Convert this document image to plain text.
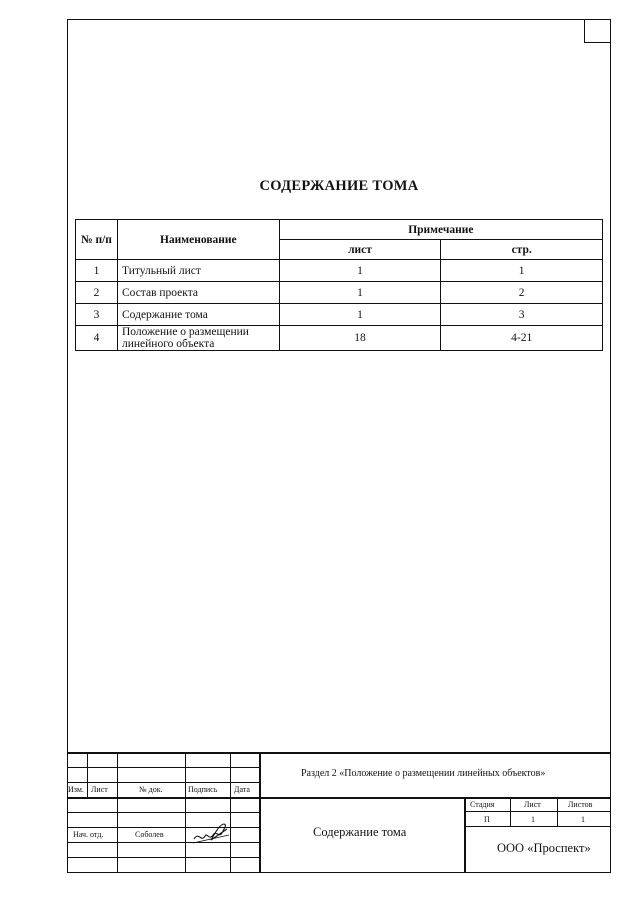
СОДЕРЖАНИЕ ТОМА
№ п/п	Наименование	Примечание	
		лист	стр.
1	Титульный лист	1	1
2	Состав проекта	1	2
3	Содержание тома	1	3
4	Положение о размещении линейного объекта	18	4-21
Изм. Лист	№ док.	Подпись Дата
Нач. отд.	Соболев
Раздел 2 «Положение о размещении линейных объектов»
Содержание тома
Стадия	Лист	Листов
П	1	1
ООО «Проспект»
